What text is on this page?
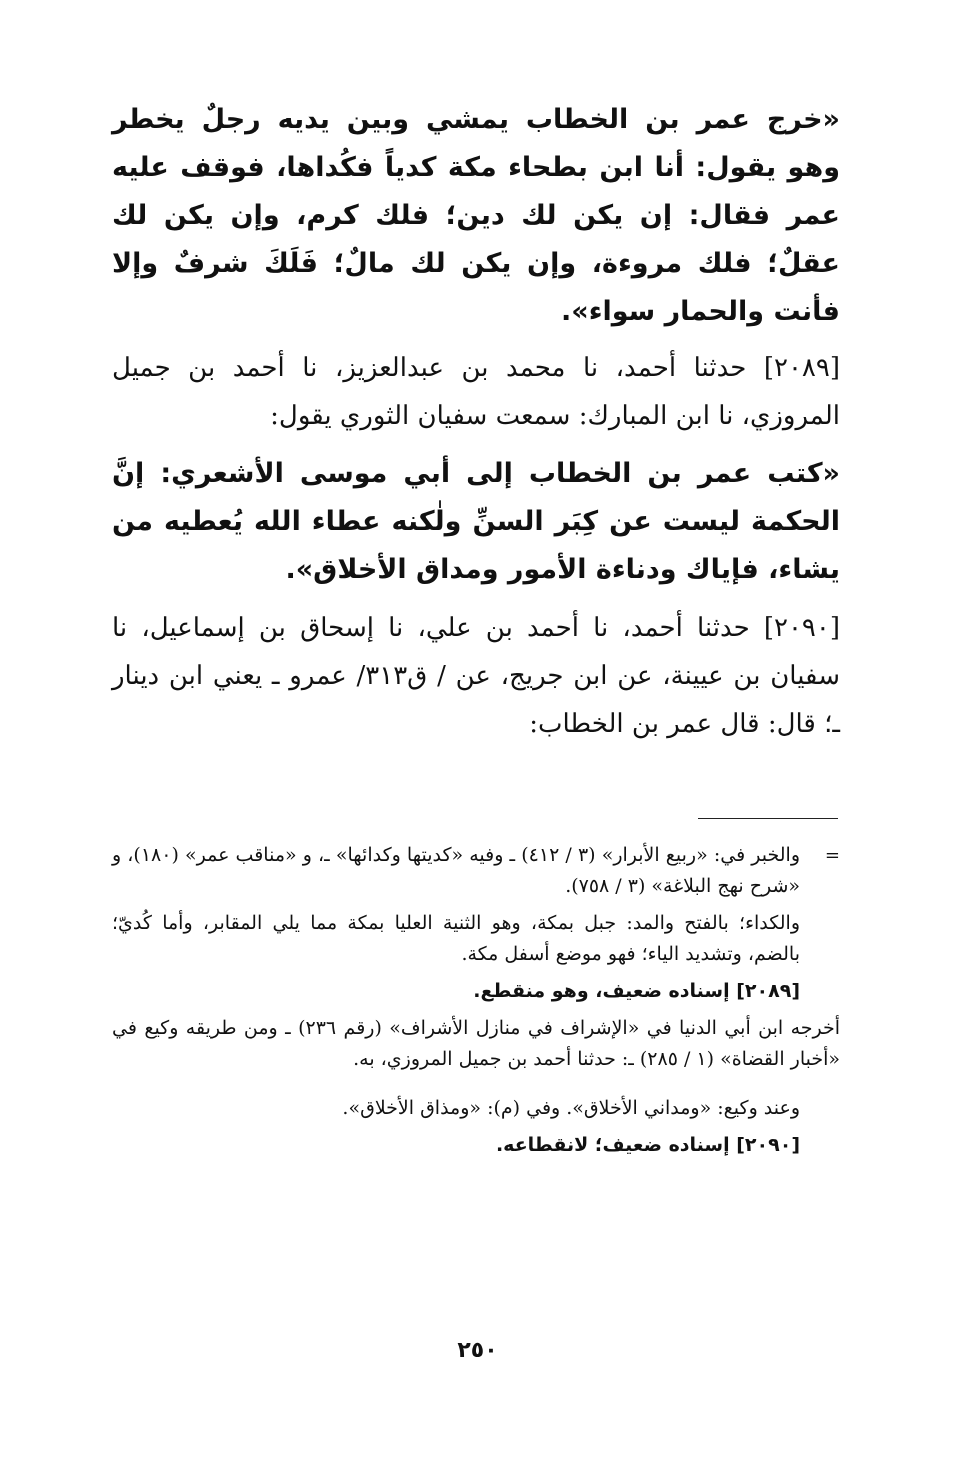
«خرج عمر بن الخطاب يمشي وبين يديه رجلٌ يخطر وهو يقول: أنا ابن بطحاء مكة كدياً فكُداها، فوقف عليه عمر فقال: إن يكن لك دين؛ فلك كرم، وإن يكن لك عقلٌ؛ فلك مروءة، وإن يكن لك مالٌ؛ فَلَكَ شرفٌ وإلا فأنت والحمار سواء».

[٢٠٨٩] حدثنا أحمد، نا محمد بن عبدالعزيز، نا أحمد بن جميل المروزي، نا ابن المبارك: سمعت سفيان الثوري يقول:

«كتب عمر بن الخطاب إلى أبي موسى الأشعري: إنَّ الحكمة ليست عن كِبَر السنِّ ولٰكنه عطاء الله يُعطيه من يشاء، فإياك ودناءة الأمور ومداق الأخلاق».

[٢٠٩٠] حدثنا أحمد، نا أحمد بن علي، نا إسحاق بن إسماعيل، نا سفيان بن عيينة، عن ابن جريج، عن / ق٣١٣/ عمرو ـ يعني ابن دينار ـ؛ قال: قال عمر بن الخطاب:

=
والخبر في: «ربيع الأبرار» (٣ / ٤١٢) ـ وفيه «كديتها وكدائها» ـ، و «مناقب عمر» (١٨٠)، و «شرح نهج البلاغة» (٣ / ٧٥٨).

والكداء؛ بالفتح والمد: جبل بمكة، وهو الثنية العليا بمكة مما يلي المقابر، وأما كُديّ؛ بالضم، وتشديد الياء؛ فهو موضع أسفل مكة.

[٢٠٨٩] إسناده ضعيف، وهو منقطع.

أخرجه ابن أبي الدنيا في «الإشراف في منازل الأشراف» (رقم ٢٣٦) ـ ومن طريقه وكيع في «أخبار القضاة» (١ / ٢٨٥) ـ: حدثنا أحمد بن جميل المروزي، به.

وعند وكيع: «ومداني الأخلاق». وفي (م): «ومذاق الأخلاق».

[٢٠٩٠] إسناده ضعيف؛ لانقطاعه.

٢٥٠
